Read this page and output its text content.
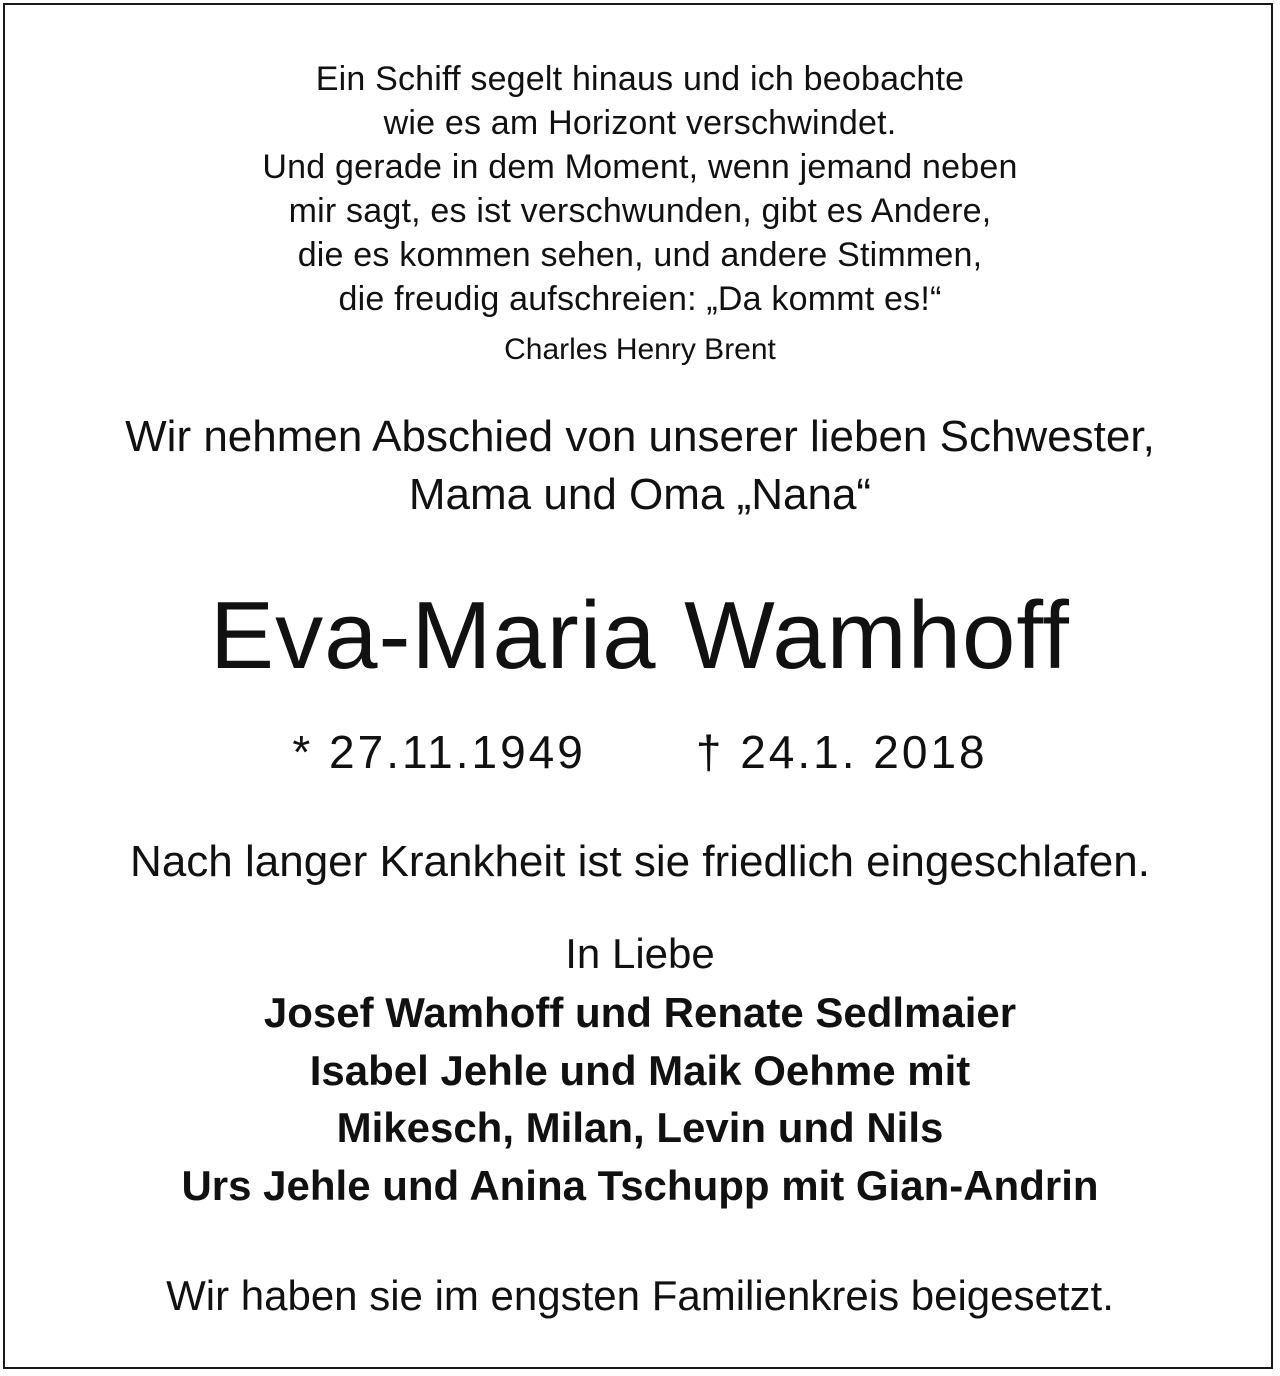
Ein Schiff segelt hinaus und ich beobachte

wie es am Horizont verschwindet.

Und gerade in dem Moment, wenn jemand neben

mir sagt, es ist verschwunden, gibt es Andere,

die es kommen sehen, und andere Stimmen,

die freudig aufschreien: „Da kommt es!“

Charles Henry Brent

Wir nehmen Abschied von unserer lieben Schwester,

Mama und Oma „Nana“

Eva-Maria Wamhoff

* 27.11.1949 † 24.1. 2018

Nach langer Krankheit ist sie friedlich eingeschlafen.

In Liebe

Josef Wamhoff und Renate Sedlmaier

Isabel Jehle und Maik Oehme mit

Mikesch, Milan, Levin und Nils

Urs Jehle und Anina Tschupp mit Gian-Andrin

Wir haben sie im engsten Familienkreis beigesetzt.
